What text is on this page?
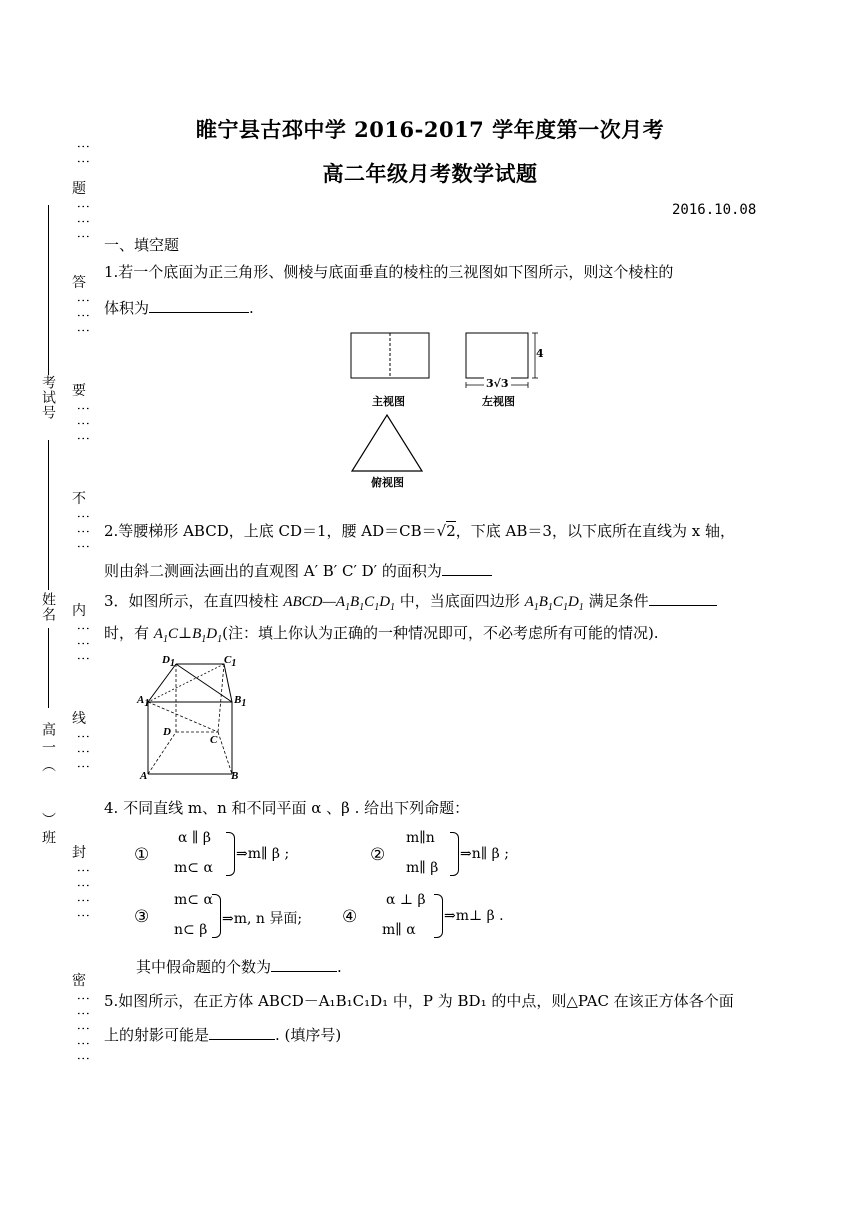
⋮⋮
题
⋮⋮⋮
答
⋮⋮⋮
要
⋮⋮⋮
不
⋮⋮⋮
内
⋮⋮⋮
线
⋮⋮⋮
封
⋮⋮⋮⋮
密
⋮⋮⋮⋮⋮
考试号
姓名
高一（　　）班
睢宁县古邳中学 2016-2017 学年度第一次月考
高二年级月考数学试题
2016.10.08
一、填空题
1.若一个底面为正三角形、侧棱与底面垂直的棱柱的三视图如下图所示，则这个棱柱的
体积为	.
4
3√3
主视图	左视图
俯视图
2.等腰梯形 ABCD，上底 CD＝1，腰 AD＝CB＝√2，下底 AB＝3，以下底所在直线为 x 轴，
则由斜二测画法画出的直观图 A′ B′ C′ D′ 的面积为
3．如图所示，在直四棱柱 $ABCD—A_1B_1C_1D_1$ 中，当底面四边形 $A_1B_1C_1D_1$ 满足条件
时，有 $A_1C\perp B_1D_1$(注：填上你认为正确的一种情况即可，不必考虑所有可能的情况).
D1	C1
A1	B1
D
C
A	B
4. 不同直线 m、n 和不同平面 α 、β . 给出下列命题：
①
α ∥ β
m⊂ α
⇒m∥ β ;	②
m∥n
m∥ β
⇒n∥ β ;
③
m⊂ α
n⊂ β
⇒m, n 异面; ④
α ⊥ β
m∥ α
⇒m⊥ β .
其中假命题的个数为	.
5.如图所示，在正方体 ABCD－A₁B₁C₁D₁ 中，P 为 BD₁ 的中点，则△PAC 在该正方体各个面
上的射影可能是	. (填序号)
